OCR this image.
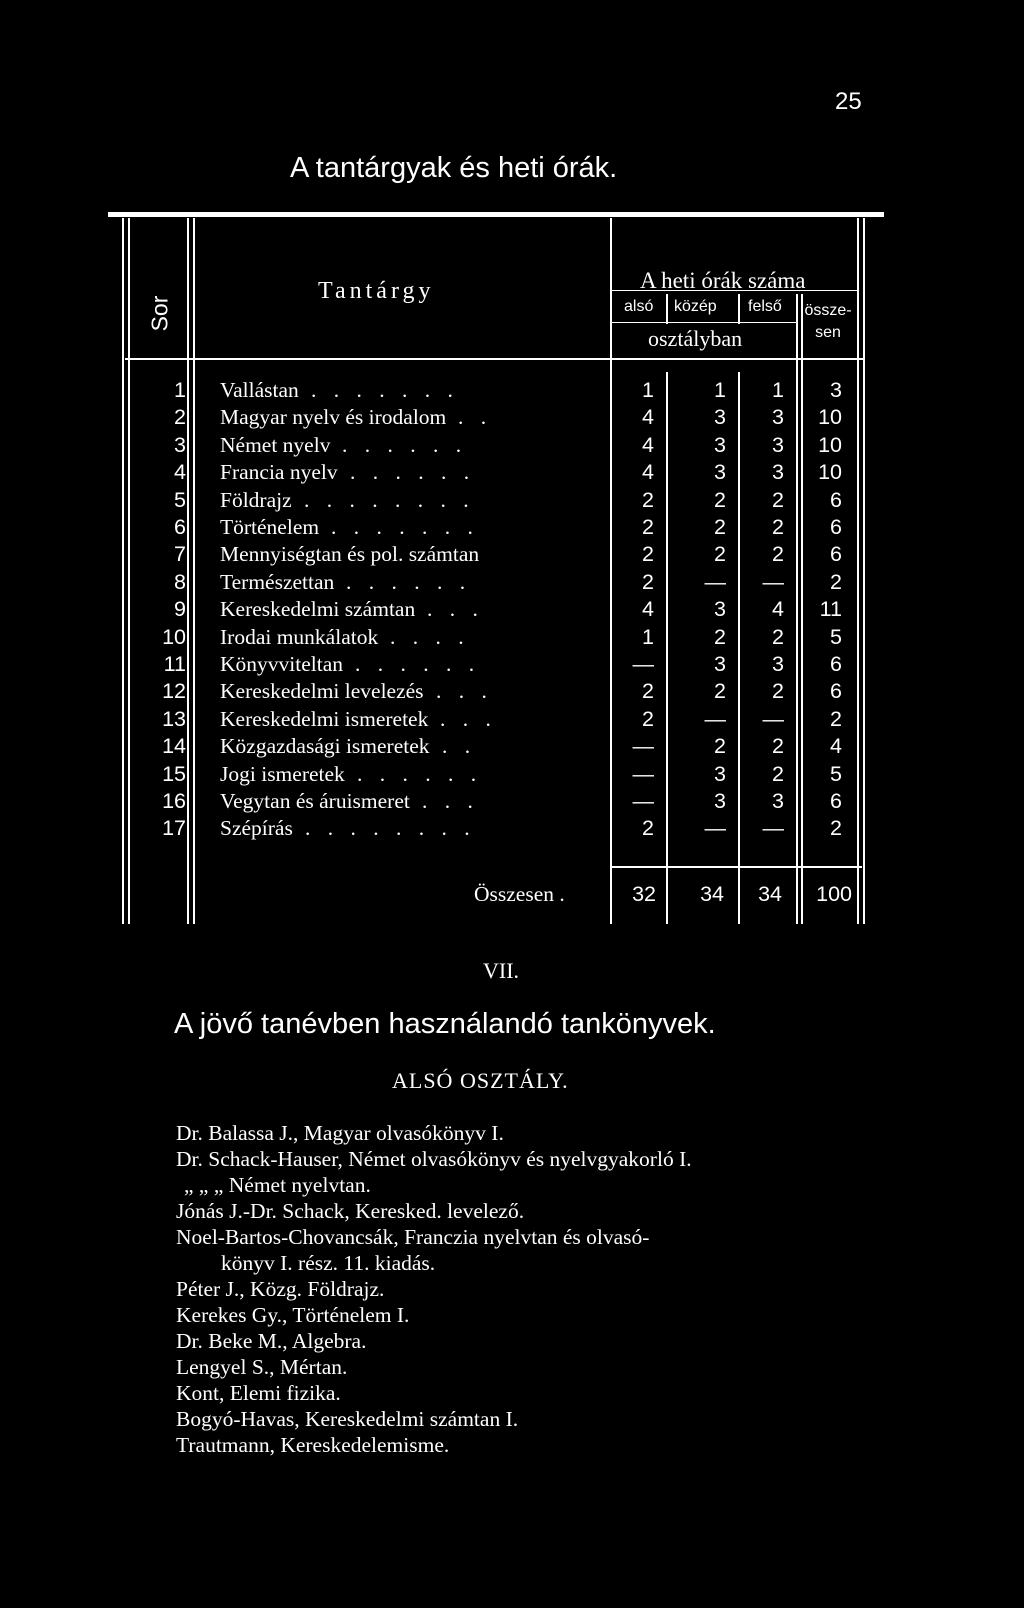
25
A tantárgyak és heti órák.
Sor
Tantárgy	A heti órák száma
alsó közép felső
osztályban
össze-
sen
1 Vallástan	1	1	1	3
. . . . . . .
2 Magyar nyelv és irodalom	4	3	3	10
. .
3 Német nyelv	4	3	3	10
. . . . . .
4 Francia nyelv	4	3	3	10
. . . . . .
5 Földrajz	2	2	2	6
. . . . . . . .
6 Történelem	2	2	2	6
. . . . . . .
7 Mennyiségtan és pol. számtan	2	2	2	6
8 Természettan	2	—	—	2
. . . . . .
9 Kereskedelmi számtan	4	3	4	11
. . .
10 Irodai munkálatok	1	2	2	5
. . . .
11 Könyvviteltan	—	3	3	6
. . . . . .
12 Kereskedelmi levelezés	2	2	2	6
. . .
13 Kereskedelmi ismeretek	2	—	—	2
. . .
14 Közgazdasági ismeretek	—	2	2	4
. .
15 Jogi ismeretek	—	3	2	5
. . . . . .
16 Vegytan és áruismeret	—	3	3	6
. . .
17 Szépírás	2	—	—	2
. . . . . . . .
Összesen .	32	34	34	100
VII.
A jövő tanévben használandó tankönyvek.
ALSÓ OSZTÁLY.
Dr. Balassa J., Magyar olvasókönyv I.
Dr. Schack-Hauser, Német olvasókönyv és nyelvgyakorló I.
„ „ „ Német nyelvtan.
Jónás J.-Dr. Schack, Keresked. levelező.
Noel-Bartos-Chovancsák, Franczia nyelvtan és olvasó-
könyv I. rész. 11. kiadás.
Péter J., Közg. Földrajz.
Kerekes Gy., Történelem I.
Dr. Beke M., Algebra.
Lengyel S., Mértan.
Kont, Elemi fizika.
Bogyó-Havas, Kereskedelmi számtan I.
Trautmann, Kereskedelemisme.
